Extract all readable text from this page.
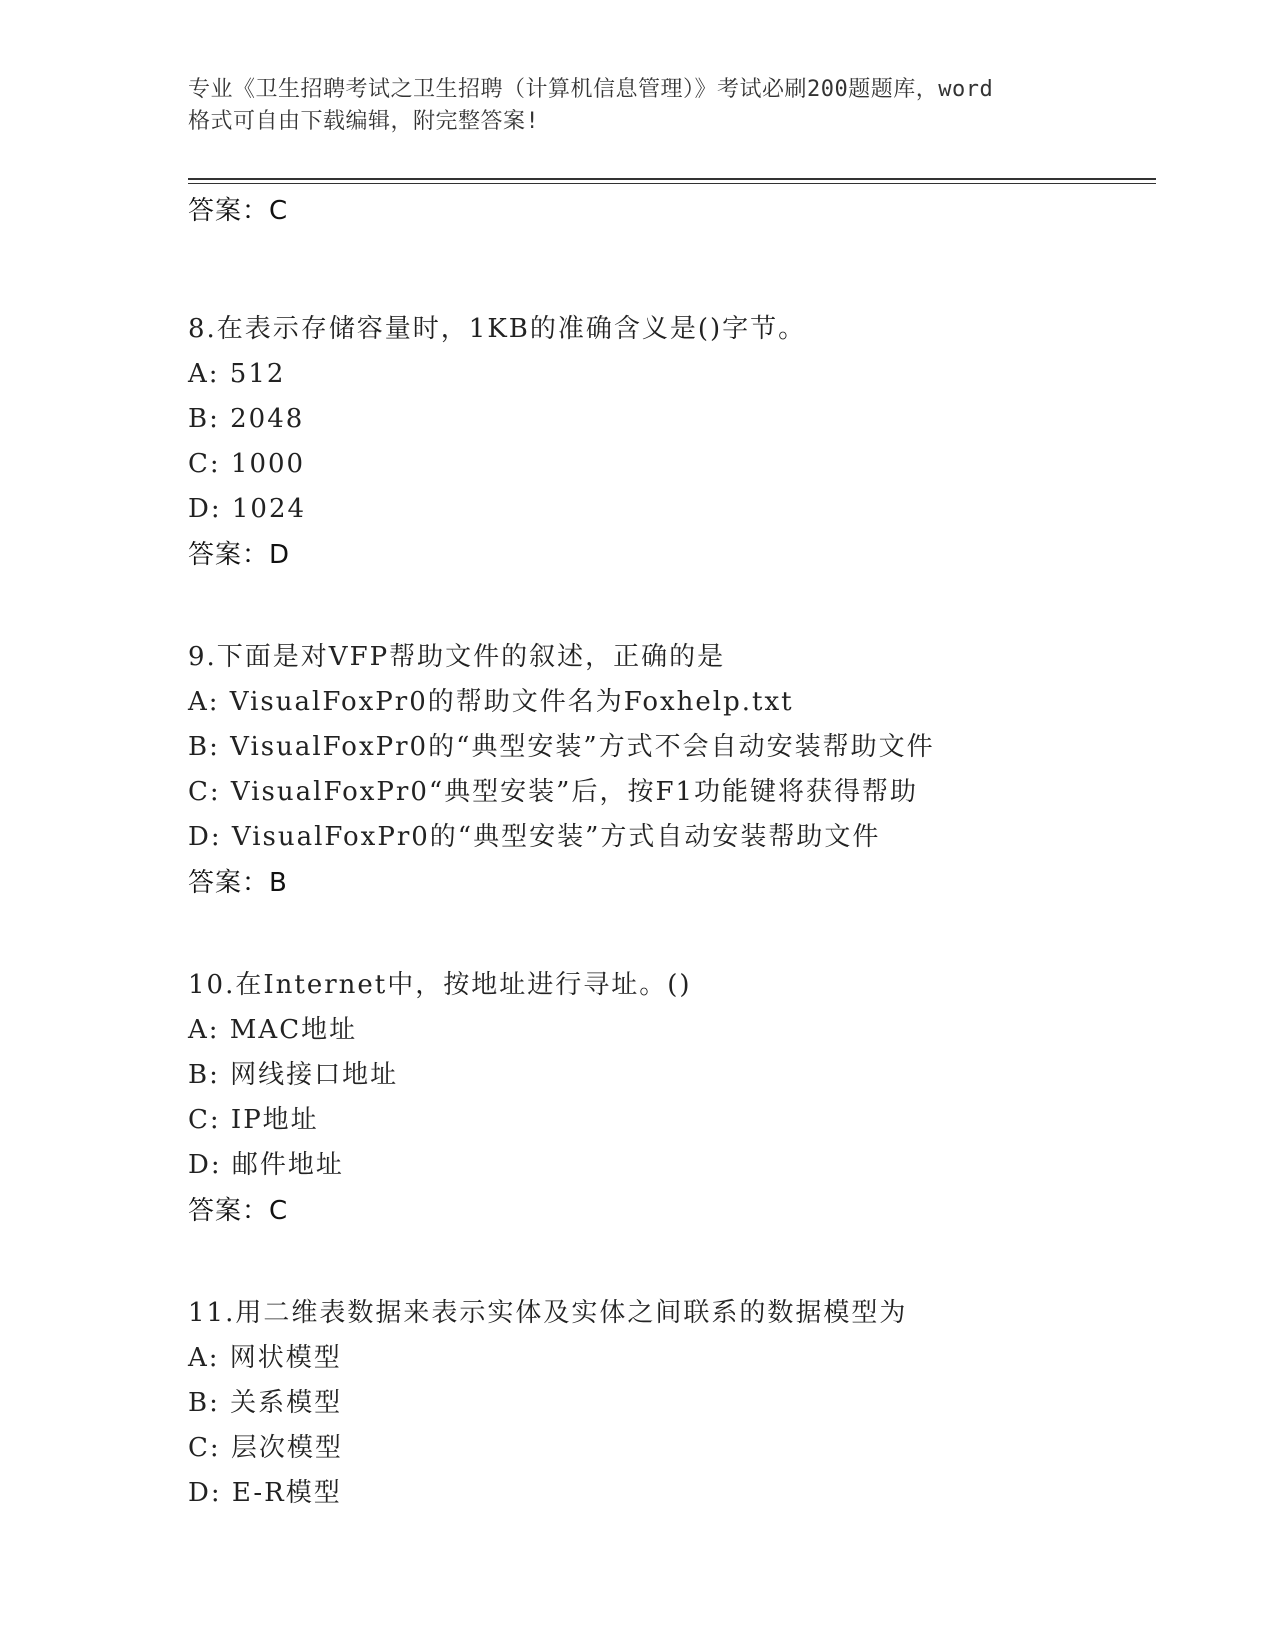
专业《卫生招聘考试之卫生招聘（计算机信息管理）》考试必刷200题题库，word
格式可自由下载编辑，附完整答案!
答案：C
8.在表示存储容量时，1KB的准确含义是()字节。
A: 512
B: 2048
C: 1000
D: 1024
答案：D
9.下面是对VFP帮助文件的叙述，正确的是
A: VisualFoxPr0的帮助文件名为Foxhelp.txt
B: VisualFoxPr0的“典型安装”方式不会自动安装帮助文件
C: VisualFoxPr0“典型安装”后，按F1功能键将获得帮助
D: VisualFoxPr0的“典型安装”方式自动安装帮助文件
答案：B
10.在Internet中，按地址进行寻址。()
A: MAC地址
B: 网线接口地址
C: IP地址
D: 邮件地址
答案：C
11.用二维表数据来表示实体及实体之间联系的数据模型为
A: 网状模型
B: 关系模型
C: 层次模型
D: E-R模型
